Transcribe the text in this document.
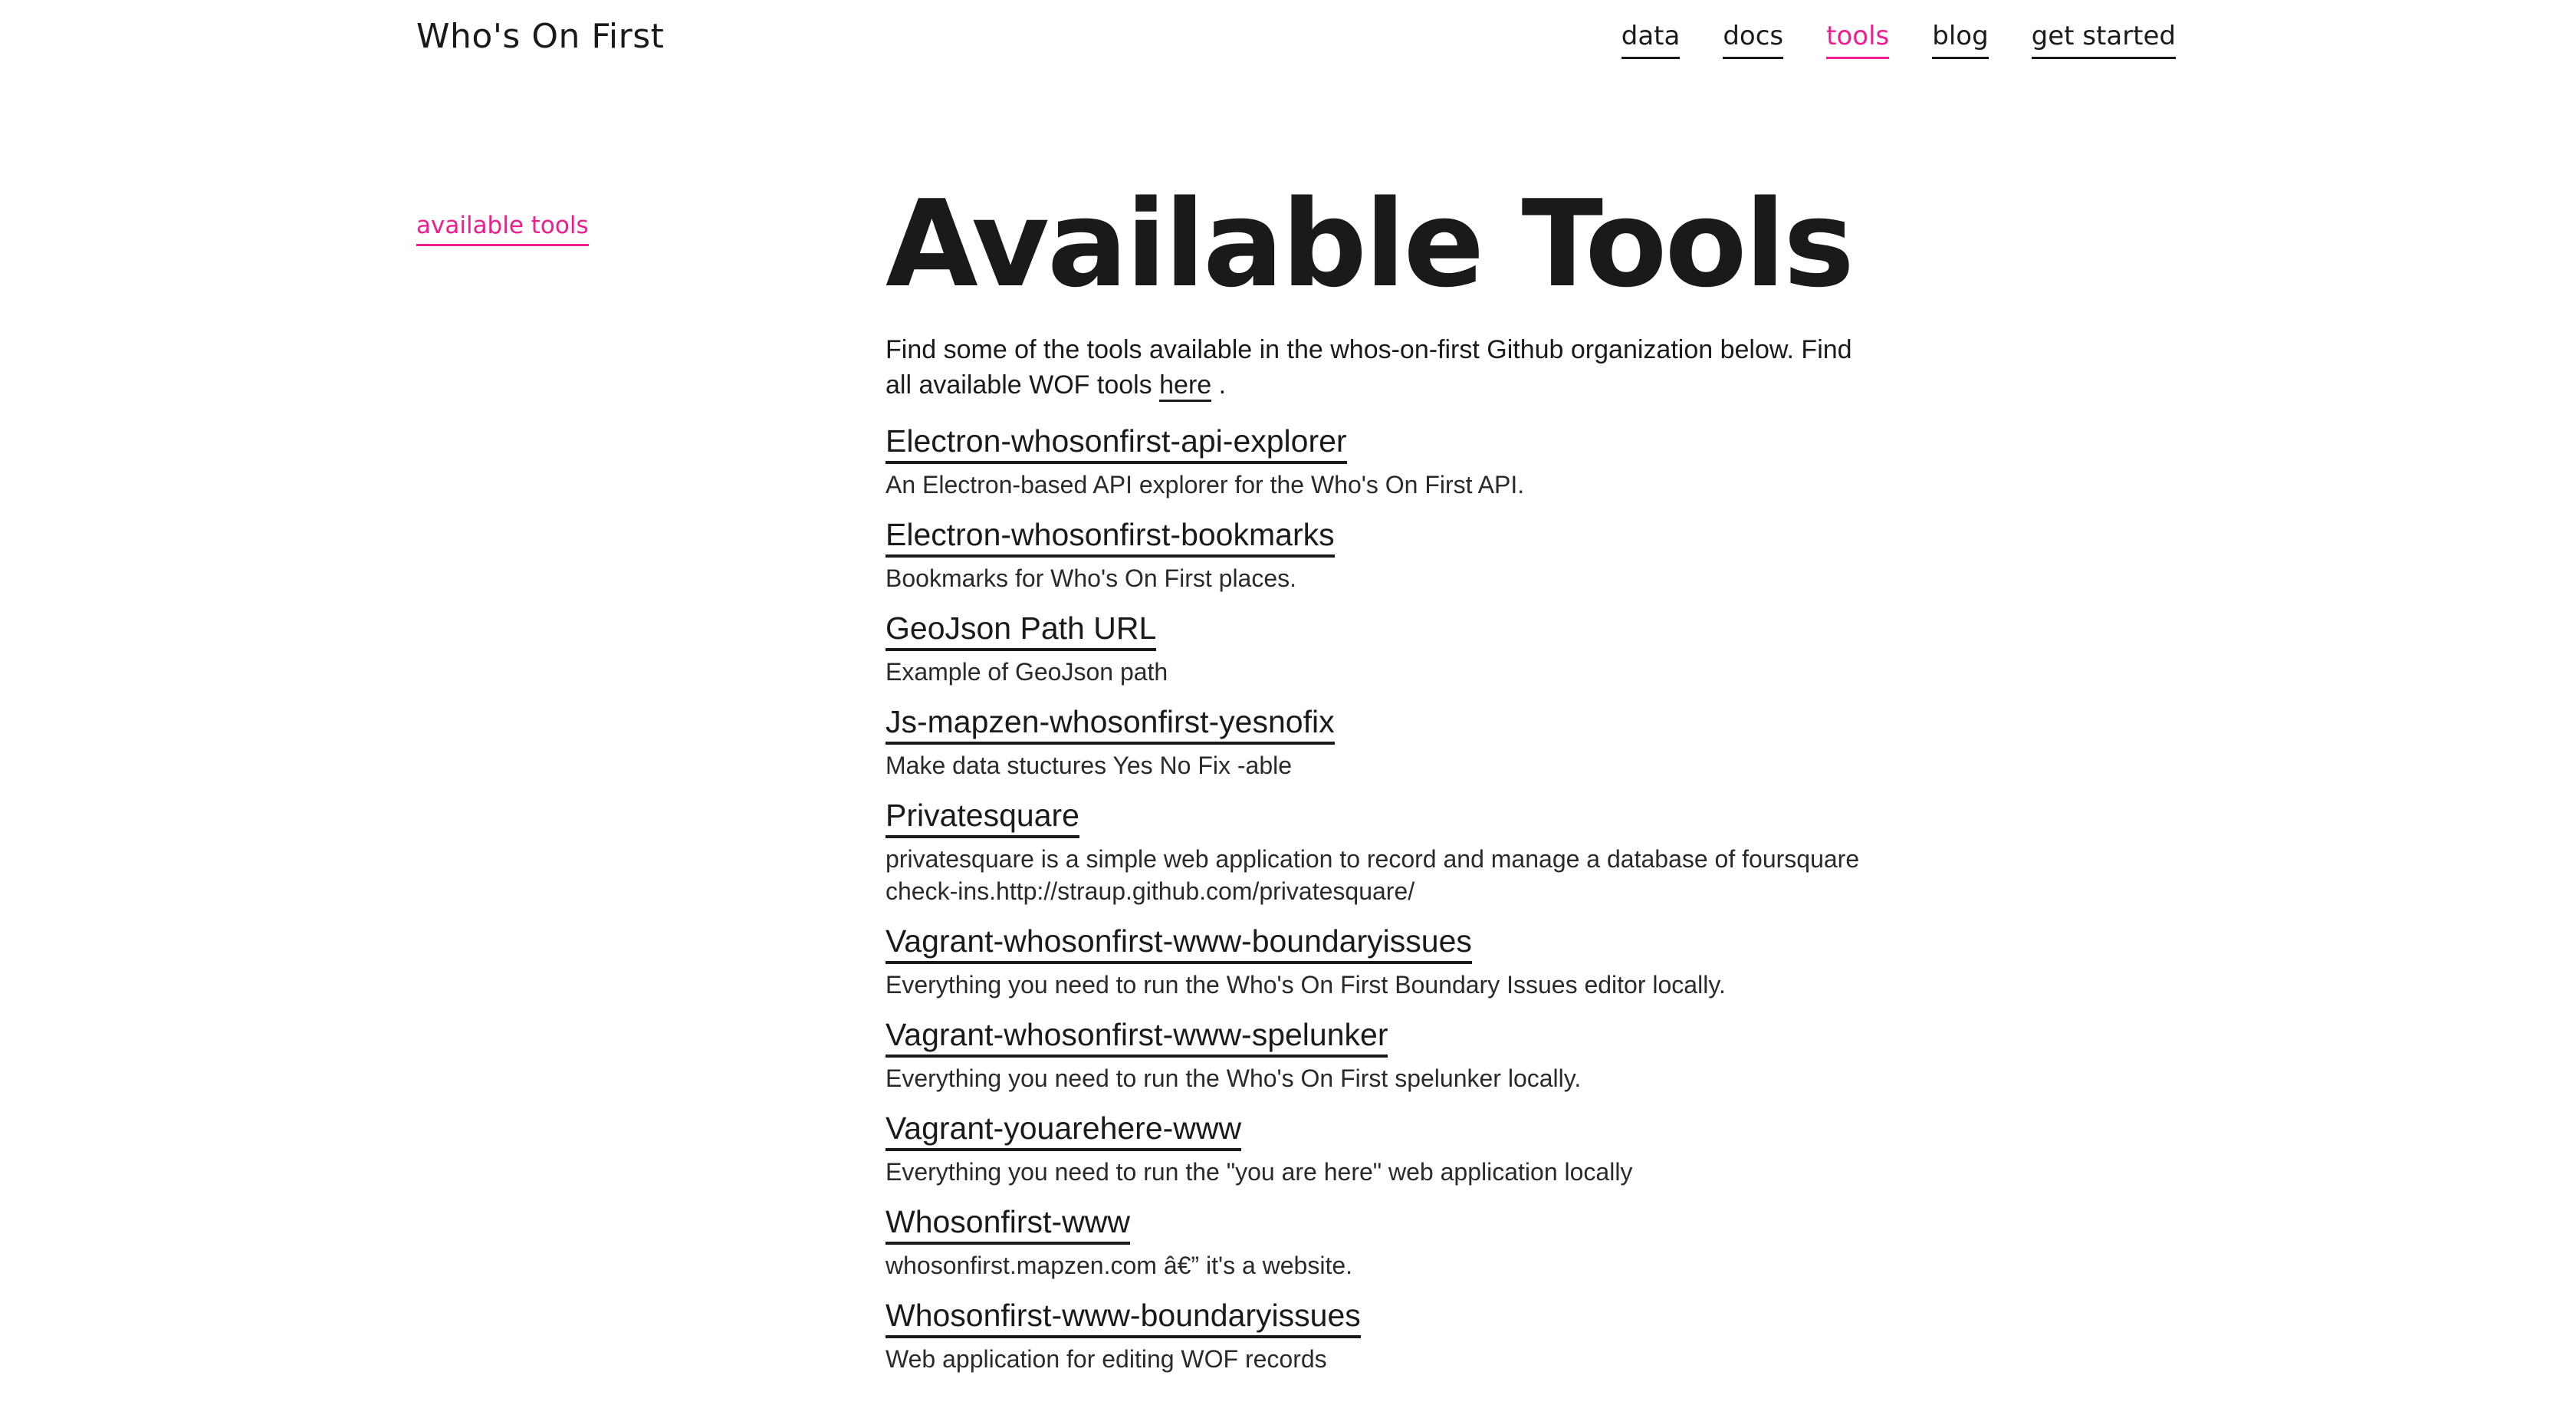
Who's On First	data docs tools blog get started
available tools Available Tools

Find some of the tools available in the whos-on-first Github organization below. Find all available WOF tools here .

Electron-whosonfirst-api-explorer
An Electron-based API explorer for the Who's On First API.
Electron-whosonfirst-bookmarks
Bookmarks for Who's On First places.
GeoJson Path URL
Example of GeoJson path
Js-mapzen-whosonfirst-yesnofix
Make data stuctures Yes No Fix -able
Privatesquare
privatesquare is a simple web application to record and manage a database of foursquare check-ins.http://straup.github.com/privatesquare/
Vagrant-whosonfirst-www-boundaryissues
Everything you need to run the Who's On First Boundary Issues editor locally.
Vagrant-whosonfirst-www-spelunker
Everything you need to run the Who's On First spelunker locally.
Vagrant-youarehere-www
Everything you need to run the "you are here" web application locally
Whosonfirst-www
whosonfirst.mapzen.com â€” it's a website.
Whosonfirst-www-boundaryissues
Web application for editing WOF records
